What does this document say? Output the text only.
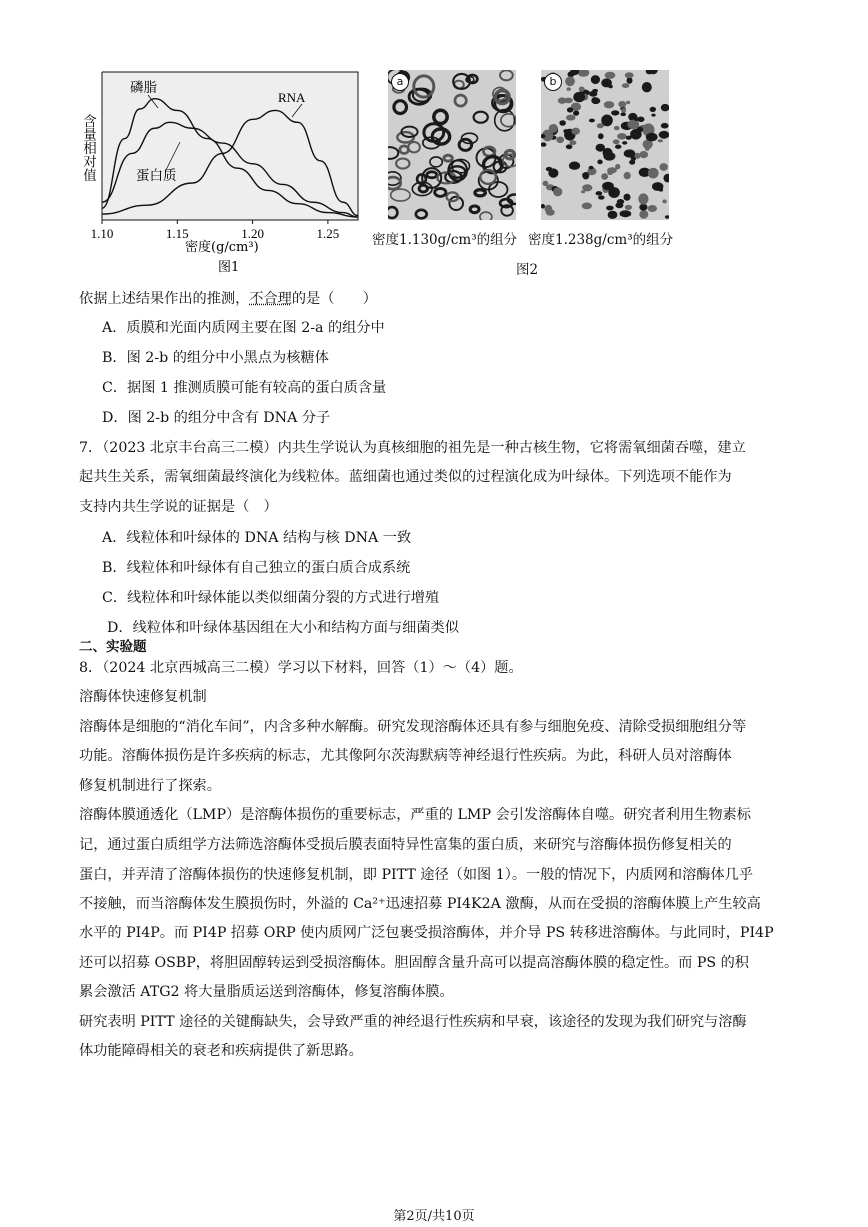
1.10	1.15	1.20	1.25
磷脂
蛋白质
RNA
含量相对值
密度(g/cm³)
图1
a	b
密度1.130g/cm³的组分 密度1.238g/cm³的组分
图2
依据上述结果作出的推测，不合理的是（　　）
A．质膜和光面内质网主要在图 2-a 的组分中
B．图 2-b 的组分中小黑点为核糖体
C．据图 1 推测质膜可能有较高的蛋白质含量
D．图 2-b 的组分中含有 DNA 分子
7．（2023 北京丰台高三二模）内共生学说认为真核细胞的祖先是一种古核生物，它将需氧细菌吞噬，建立
起共生关系，需氧细菌最终演化为线粒体。蓝细菌也通过类似的过程演化成为叶绿体。下列选项不能作为
支持内共生学说的证据是（　）
A．线粒体和叶绿体的 DNA 结构与核 DNA 一致
B．线粒体和叶绿体有自己独立的蛋白质合成系统
C．线粒体和叶绿体能以类似细菌分裂的方式进行增殖
D．线粒体和叶绿体基因组在大小和结构方面与细菌类似
二、实验题
8．（2024 北京西城高三二模）学习以下材料，回答（1）～（4）题。
溶酶体快速修复机制
溶酶体是细胞的“消化车间”，内含多种水解酶。研究发现溶酶体还具有参与细胞免疫、清除受损细胞组分等
功能。溶酶体损伤是许多疾病的标志，尤其像阿尔茨海默病等神经退行性疾病。为此，科研人员对溶酶体
修复机制进行了探索。
溶酶体膜通透化（LMP）是溶酶体损伤的重要标志，严重的 LMP 会引发溶酶体自噬。研究者利用生物素标
记，通过蛋白质组学方法筛选溶酶体受损后膜表面特异性富集的蛋白质，来研究与溶酶体损伤修复相关的
蛋白，并弄清了溶酶体损伤的快速修复机制，即 PITT 途径（如图 1）。一般的情况下，内质网和溶酶体几乎
不接触，而当溶酶体发生膜损伤时，外溢的 Ca²⁺迅速招募 PI4K2A 激酶，从而在受损的溶酶体膜上产生较高
水平的 PI4P。而 PI4P 招募 ORP 使内质网广泛包裹受损溶酶体，并介导 PS 转移进溶酶体。与此同时，PI4P
还可以招募 OSBP，将胆固醇转运到受损溶酶体。胆固醇含量升高可以提高溶酶体膜的稳定性。而 PS 的积
累会激活 ATG2 将大量脂质运送到溶酶体，修复溶酶体膜。
研究表明 PITT 途径的关键酶缺失，会导致严重的神经退行性疾病和早衰，该途径的发现为我们研究与溶酶
体功能障碍相关的衰老和疾病提供了新思路。
第2页/共10页
